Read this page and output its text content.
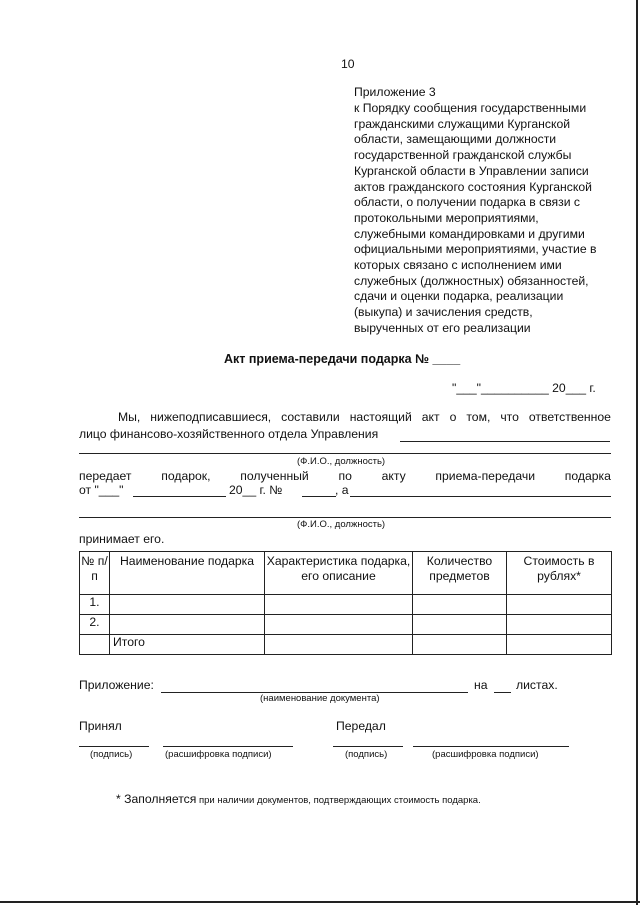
10
Приложение 3
к Порядку сообщения государственными
гражданскими служащими Курганской
области, замещающими должности
государственной гражданской службы
Курганской области в Управлении записи
актов гражданского состояния Курганской
области, о получении подарка в связи с
протокольными мероприятиями,
служебными командировками и другими
официальными мероприятиями, участие в
которых связано с исполнением ими
служебных (должностных) обязанностей,
сдачи и оценки подарка, реализации
(выкупа) и зачисления средств,
вырученных от его реализации
Акт приема-передачи подарка № ____
"___"__________ 20___ г.
Мы, нижеподписавшиеся, составили настоящий акт о том, что ответственное
лицо финансово-хозяйственного отдела Управления
(Ф.И.О., должность)
передает подарок, полученный по акту приема-передачи подарка
от "___"	20__ г. №	, а
(Ф.И.О., должность)
принимает его.
№ п/п	Наименование подарка	Характеристика подарка, его описание	Количество предметов	Стоимость в рублях*
1.				
2.				
	Итого			
Приложение:	на листах.
(наименование документа)
Принял	Передал
(подпись)	(расшифровка подписи)	(подпись)	(расшифровка подписи)
* Заполняется при наличии документов, подтверждающих стоимость подарка.
